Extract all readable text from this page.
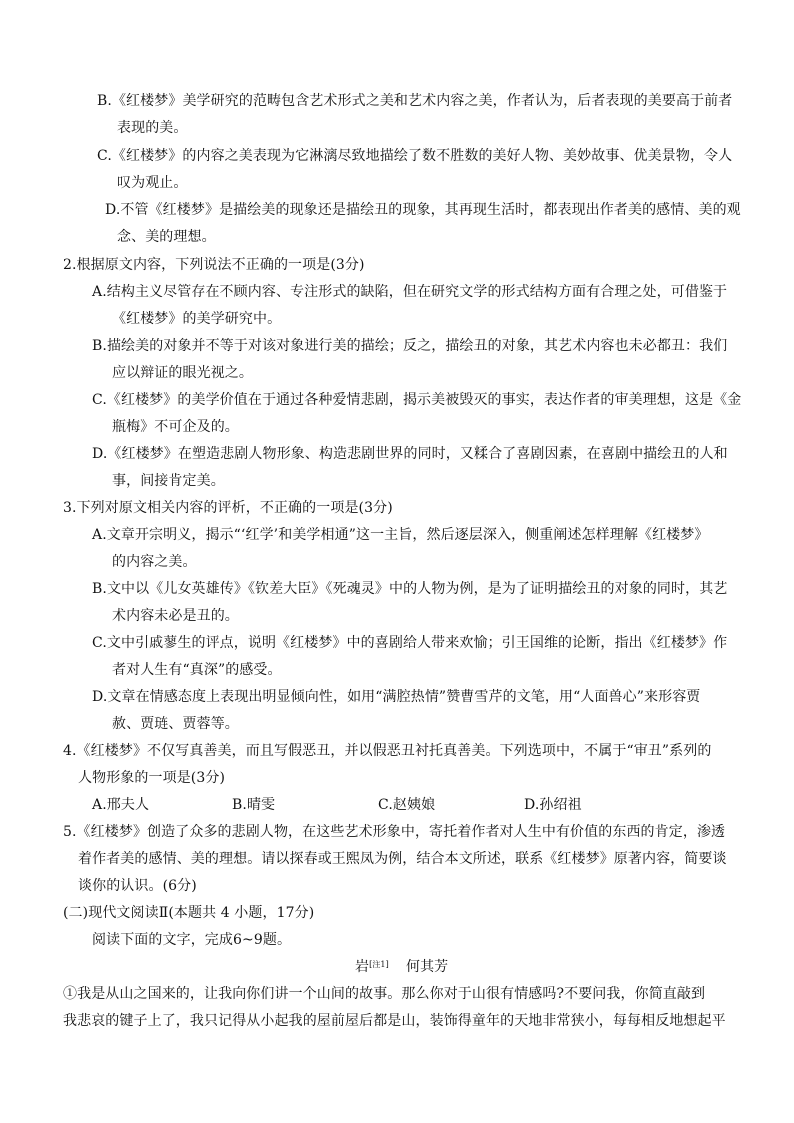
B.《红楼梦》美学研究的范畴包含艺术形式之美和艺术内容之美，作者认为，后者表现的美要高于前者
表现的美。
C.《红楼梦》的内容之美表现为它淋漓尽致地描绘了数不胜数的美好人物、美妙故事、优美景物，令人
叹为观止。
D.不管《红楼梦》是描绘美的现象还是描绘丑的现象，其再现生活时，都表现出作者美的感情、美的观
念、美的理想。
2.根据原文内容，下列说法不正确的一项是(3分)
A.结构主义尽管存在不顾内容、专注形式的缺陷，但在研究文学的形式结构方面有合理之处，可借鉴于
《红楼梦》的美学研究中。
B.描绘美的对象并不等于对该对象进行美的描绘；反之，描绘丑的对象，其艺术内容也未必都丑：我们
应以辩证的眼光视之。
C.《红楼梦》的美学价值在于通过各种爱情悲剧，揭示美被毁灭的事实，表达作者的审美理想，这是《金
瓶梅》不可企及的。
D.《红楼梦》在塑造悲剧人物形象、构造悲剧世界的同时，又糅合了喜剧因素，在喜剧中描绘丑的人和
事，间接肯定美。
3.下列对原文相关内容的评析，不正确的一项是(3分)
A.文章开宗明义，揭示“‘红学’和美学相通”这一主旨，然后逐层深入，侧重阐述怎样理解《红楼梦》
的内容之美。
B.文中以《儿女英雄传》《钦差大臣》《死魂灵》中的人物为例，是为了证明描绘丑的对象的同时，其艺
术内容未必是丑的。
C.文中引戚蓼生的评点，说明《红楼梦》中的喜剧给人带来欢愉；引王国维的论断，指出《红楼梦》作
者对人生有“真深”的感受。
D.文章在情感态度上表现出明显倾向性，如用“满腔热情”赞曹雪芹的文笔，用“人面兽心”来形容贾
赦、贾琏、贾蓉等。
4.《红楼梦》不仅写真善美，而且写假恶丑，并以假恶丑衬托真善美。下列选项中，不属于“审丑”系列的
人物形象的一项是(3分)
A.邢夫人	B.晴雯	C.赵姨娘	D.孙绍祖
5.《红楼梦》创造了众多的悲剧人物，在这些艺术形象中，寄托着作者对人生中有价值的东西的肯定，渗透
着作者美的感情、美的理想。请以探春或王熙凤为例，结合本文所述，联系《红楼梦》原著内容，简要谈
谈你的认识。(6分)
(二)现代文阅读Ⅱ(本题共 4 小题，17分)
阅读下面的文字，完成6~9题。
岩[注1] 何其芳
①我是从山之国来的，让我向你们讲一个山间的故事。那么你对于山很有情感吗?不要问我，你简直敲到
我悲哀的键子上了，我只记得从小起我的屋前屋后都是山，装饰得童年的天地非常狭小，每每相反地想起平
